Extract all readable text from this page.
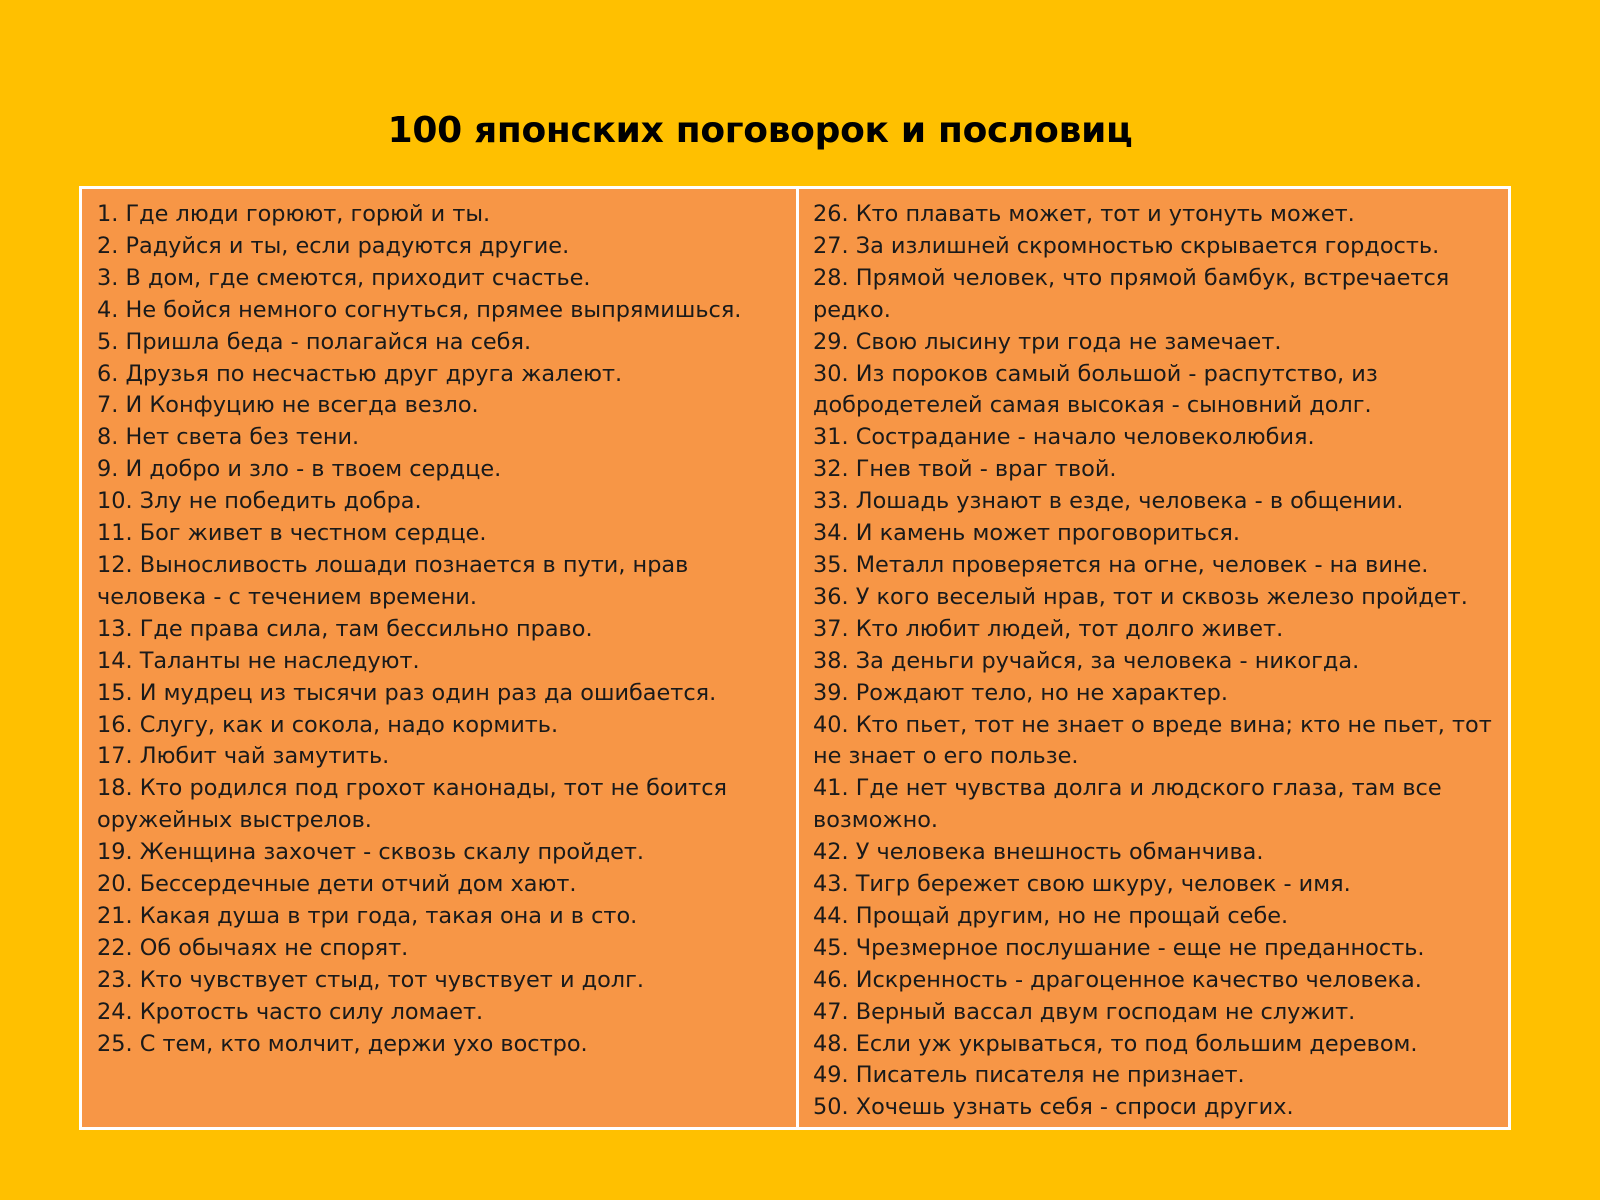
100 японских поговорок и пословиц
1. Где люди горюют, горюй и ты.
2. Радуйся и ты, если радуются другие.
3. В дом, где смеются, приходит счастье.
4. Не бойся немного согнуться, прямее выпрямишься.
5. Пришла беда - полагайся на себя.
6. Друзья по несчастью друг друга жалеют.
7. И Конфуцию не всегда везло.
8. Нет света без тени.
9. И добро и зло - в твоем сердце.
10. Злу не победить добра.
11. Бог живет в честном сердце.
12. Выносливость лошади познается в пути, нрав человека - с течением времени.
13. Где права сила, там бессильно право.
14. Таланты не наследуют.
15. И мудрец из тысячи раз один раз да ошибается.
16. Слугу, как и сокола, надо кормить.
17. Любит чай замутить.
18. Кто родился под грохот канонады, тот не боится оружейных выстрелов.
19. Женщина захочет - сквозь скалу пройдет.
20. Бессердечные дети отчий дом хают.
21. Какая душа в три года, такая она и в сто.
22. Об обычаях не спорят.
23. Кто чувствует стыд, тот чувствует и долг.
24. Кротость часто силу ломает.
25. С тем, кто молчит, держи ухо востро.
26. Кто плавать может, тот и утонуть может.
27. За излишней скромностью скрывается гордость.
28. Прямой человек, что прямой бамбук, встречается редко.
29. Свою лысину три года не замечает.
30. Из пороков самый большой - распутство, из добродетелей самая высокая - сыновний долг.
31. Сострадание - начало человеколюбия.
32. Гнев твой - враг твой.
33. Лошадь узнают в езде, человека - в общении.
34. И камень может проговориться.
35. Металл проверяется на огне, человек - на вине.
36. У кого веселый нрав, тот и сквозь железо пройдет.
37. Кто любит людей, тот долго живет.
38. За деньги ручайся, за человека - никогда.
39. Рождают тело, но не характер.
40. Кто пьет, тот не знает о вреде вина; кто не пьет, тот не знает о его пользе.
41. Где нет чувства долга и людского глаза, там все возможно.
42. У человека внешность обманчива.
43. Тигр бережет свою шкуру, человек - имя.
44. Прощай другим, но не прощай себе.
45. Чрезмерное послушание - еще не преданность.
46. Искренность - драгоценное качество человека.
47. Верный вассал двум господам не служит.
48. Если уж укрываться, то под большим деревом.
49. Писатель писателя не признает.
50. Хочешь узнать себя - спроси других.
